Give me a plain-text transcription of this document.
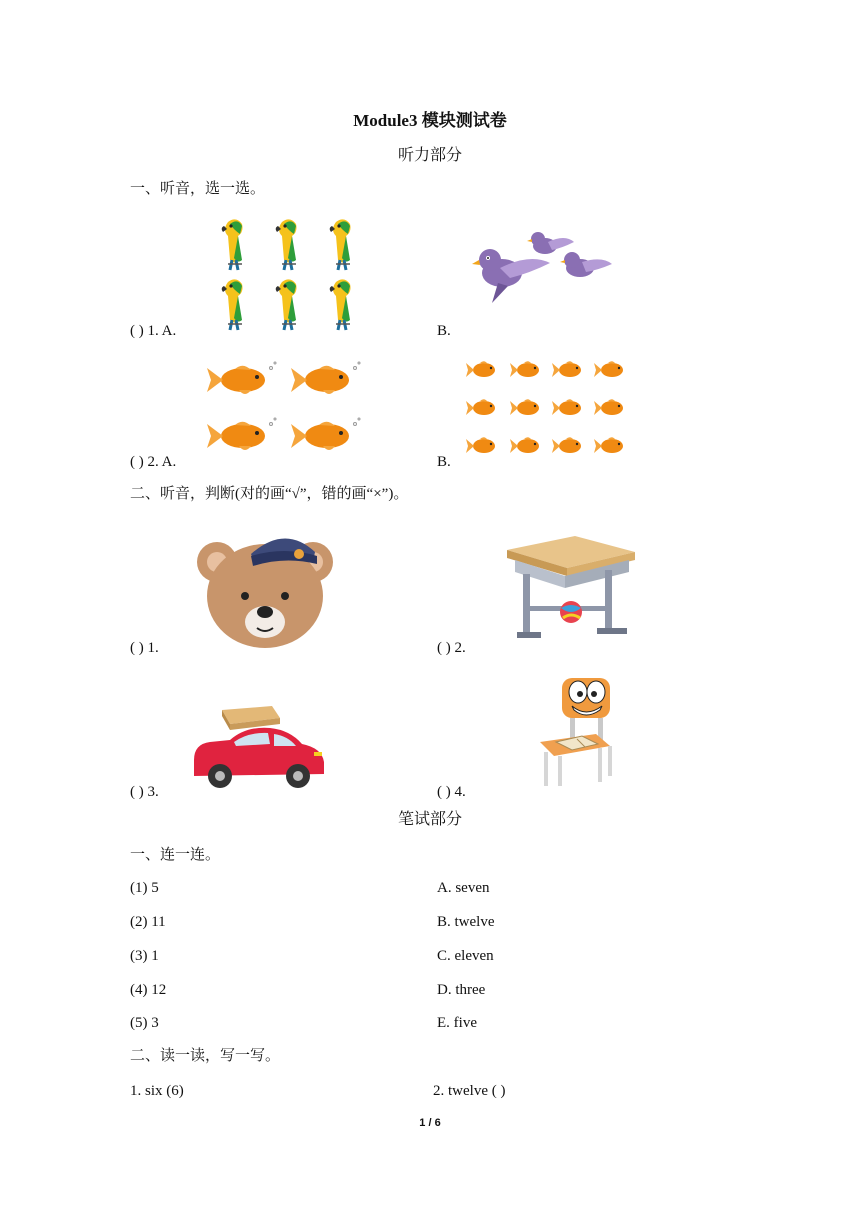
Module3 模块测试卷
听力部分
一、听音，选一选。
( ) 1. A.	B.
( ) 2. A.	B.
二、听音，判断(对的画“√”，错的画“×”)。
( ) 1.	( ) 2.
( ) 3.	( ) 4.
笔试部分
一、连一连。
(1) 5	A. seven
(2) 11	B. twelve
(3) 1	C. eleven
(4) 12	D. three
(5) 3	E. five
二、读一读，写一写。
1. six (6)	2. twelve ( )
1 / 6
